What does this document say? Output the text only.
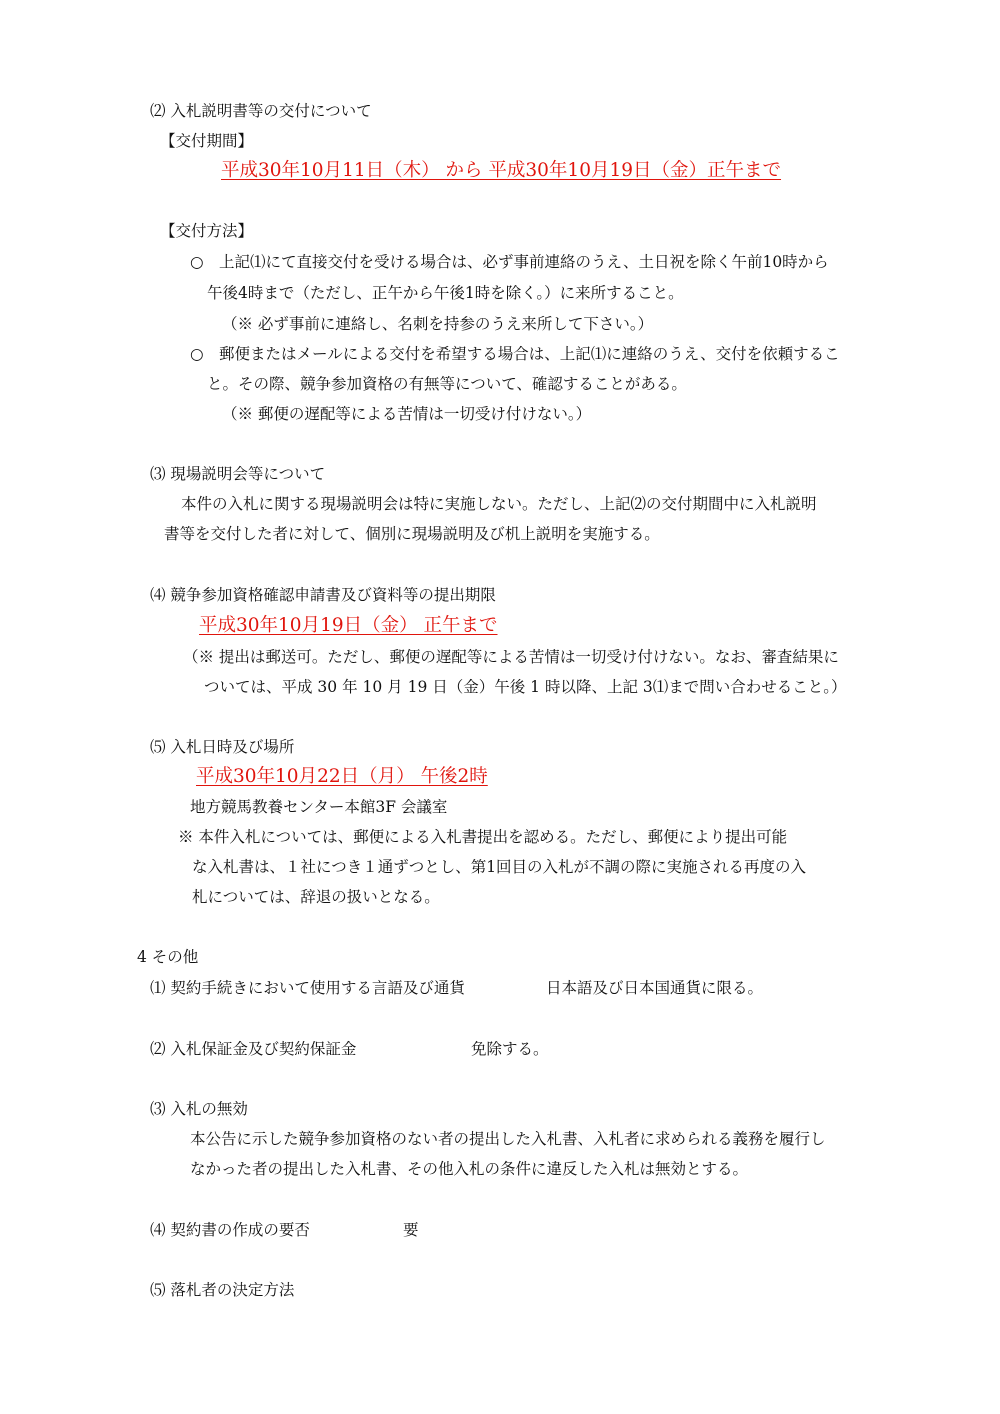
⑵ 入札説明書等の交付について
【交付期間】
平成30年10月11日（木） から 平成30年10月19日（金）正午まで
【交付方法】
○　上記⑴にて直接交付を受ける場合は、必ず事前連絡のうえ、土日祝を除く午前10時から
午後4時まで（ただし、正午から午後1時を除く。）に来所すること。
（※ 必ず事前に連絡し、名刺を持参のうえ来所して下さい。）
○　郵便またはメールによる交付を希望する場合は、上記⑴に連絡のうえ、交付を依頼するこ
と。その際、競争参加資格の有無等について、確認することがある。
（※ 郵便の遅配等による苦情は一切受け付けない。）
⑶ 現場説明会等について
本件の入札に関する現場説明会は特に実施しない。ただし、上記⑵の交付期間中に入札説明
書等を交付した者に対して、個別に現場説明及び机上説明を実施する。
⑷ 競争参加資格確認申請書及び資料等の提出期限
平成30年10月19日（金） 正午まで
（※ 提出は郵送可。ただし、郵便の遅配等による苦情は一切受け付けない。なお、審査結果に
ついては、平成 30 年 10 月 19 日（金）午後 1 時以降、上記 3⑴まで問い合わせること。）
⑸ 入札日時及び場所
平成30年10月22日（月） 午後2時
地方競馬教養センター本館3F 会議室
※ 本件入札については、郵便による入札書提出を認める。ただし、郵便により提出可能
な入札書は、１社につき１通ずつとし、第1回目の入札が不調の際に実施される再度の入
札については、辞退の扱いとなる。
4 その他
⑴ 契約手続きにおいて使用する言語及び通貨	日本語及び日本国通貨に限る。
⑵ 入札保証金及び契約保証金	免除する。
⑶ 入札の無効
本公告に示した競争参加資格のない者の提出した入札書、入札者に求められる義務を履行し
なかった者の提出した入札書、その他入札の条件に違反した入札は無効とする。
⑷ 契約書の作成の要否	要
⑸ 落札者の決定方法
